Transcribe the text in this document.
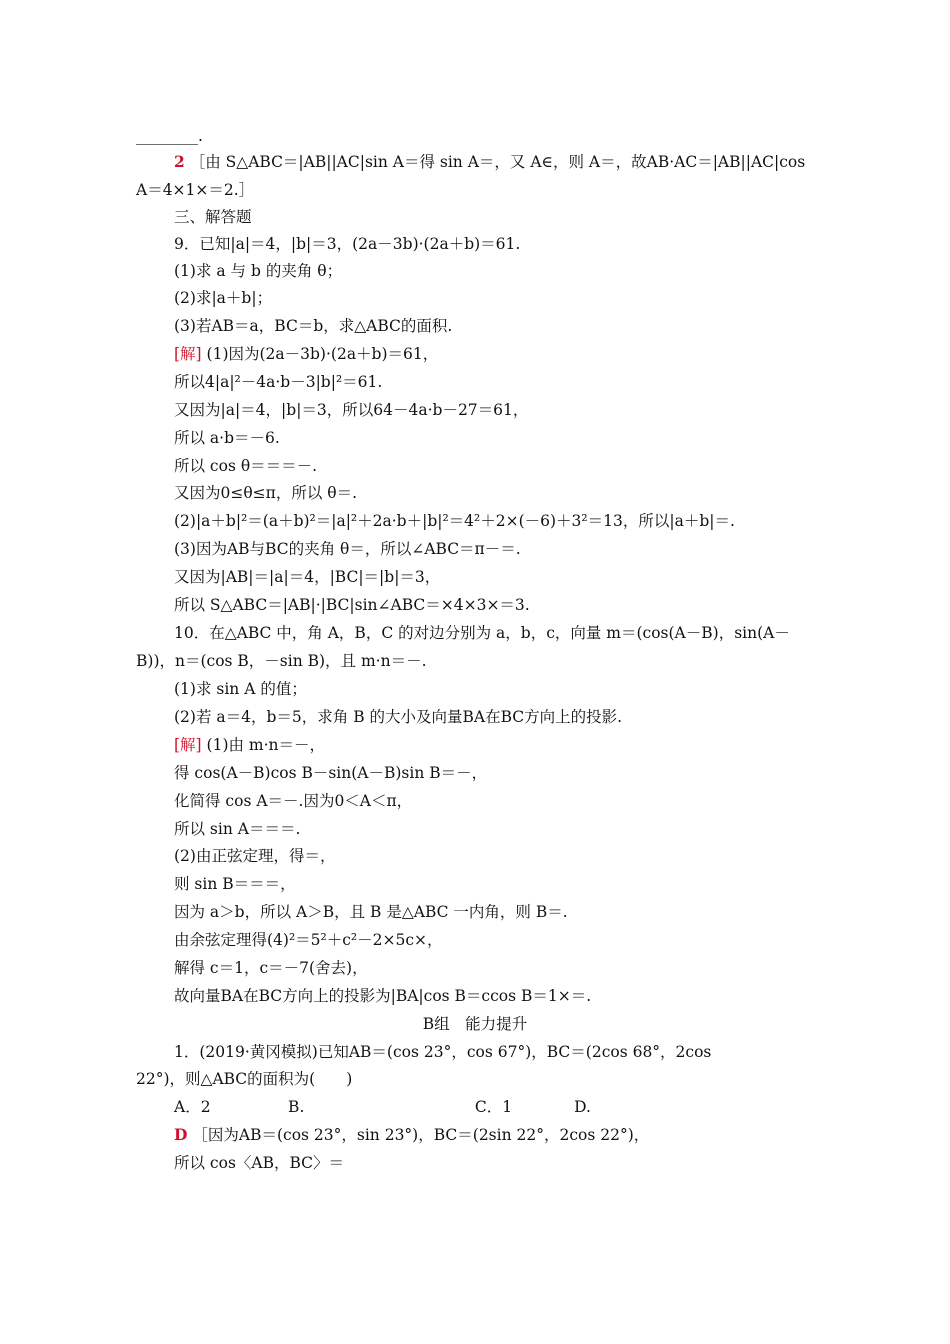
________.
2 ［由 S△ABC＝|AB||AC|sin A＝得 sin A＝，又 A∈，则 A＝，故AB·AC＝|AB||AC|cos
A＝4×1×＝2.］
三、解答题
9．已知|a|＝4，|b|＝3，(2a－3b)·(2a＋b)＝61.
(1)求 a 与 b 的夹角 θ；
(2)求|a＋b|；
(3)若AB＝a，BC＝b，求△ABC的面积.
[解] (1)因为(2a－3b)·(2a＋b)＝61，
所以4|a|²－4a·b－3|b|²＝61.
又因为|a|＝4，|b|＝3，所以64－4a·b－27＝61，
所以 a·b＝－6.
所以 cos θ＝＝＝－.
又因为0≤θ≤π，所以 θ＝.
(2)|a＋b|²＝(a＋b)²＝|a|²＋2a·b＋|b|²＝4²＋2×(－6)＋3²＝13，所以|a＋b|＝.
(3)因为AB与BC的夹角 θ＝，所以∠ABC＝π－＝.
又因为|AB|＝|a|＝4，|BC|＝|b|＝3，
所以 S△ABC＝|AB|·|BC|sin∠ABC＝×4×3×＝3.
10．在△ABC 中，角 A，B，C 的对边分别为 a，b，c，向量 m＝(cos(A－B)，sin(A－
B))，n＝(cos B，－sin B)，且 m·n＝－.
(1)求 sin A 的值；
(2)若 a＝4，b＝5，求角 B 的大小及向量BA在BC方向上的投影.
[解] (1)由 m·n＝－，
得 cos(A－B)cos B－sin(A－B)sin B＝－，
化简得 cos A＝－.因为0＜A＜π，
所以 sin A＝＝＝.
(2)由正弦定理，得＝，
则 sin B＝＝＝，
因为 a＞b，所以 A＞B，且 B 是△ABC 一内角，则 B＝.
由余弦定理得(4)²＝5²＋c²－2×5c×，
解得 c＝1，c＝－7(舍去)，
故向量BA在BC方向上的投影为|BA|cos B＝ccos B＝1×＝.
B组　能力提升
1．(2019·黄冈模拟)已知AB＝(cos 23°，cos 67°)，BC＝(2cos 68°，2cos
22°)，则△ABC的面积为(　　)
A．2　　　　　B.　　　　　　　　　　　C．1　　　　D.
D ［因为AB＝(cos 23°，sin 23°)，BC＝(2sin 22°，2cos 22°)，
所以 cos〈AB，BC〉＝
